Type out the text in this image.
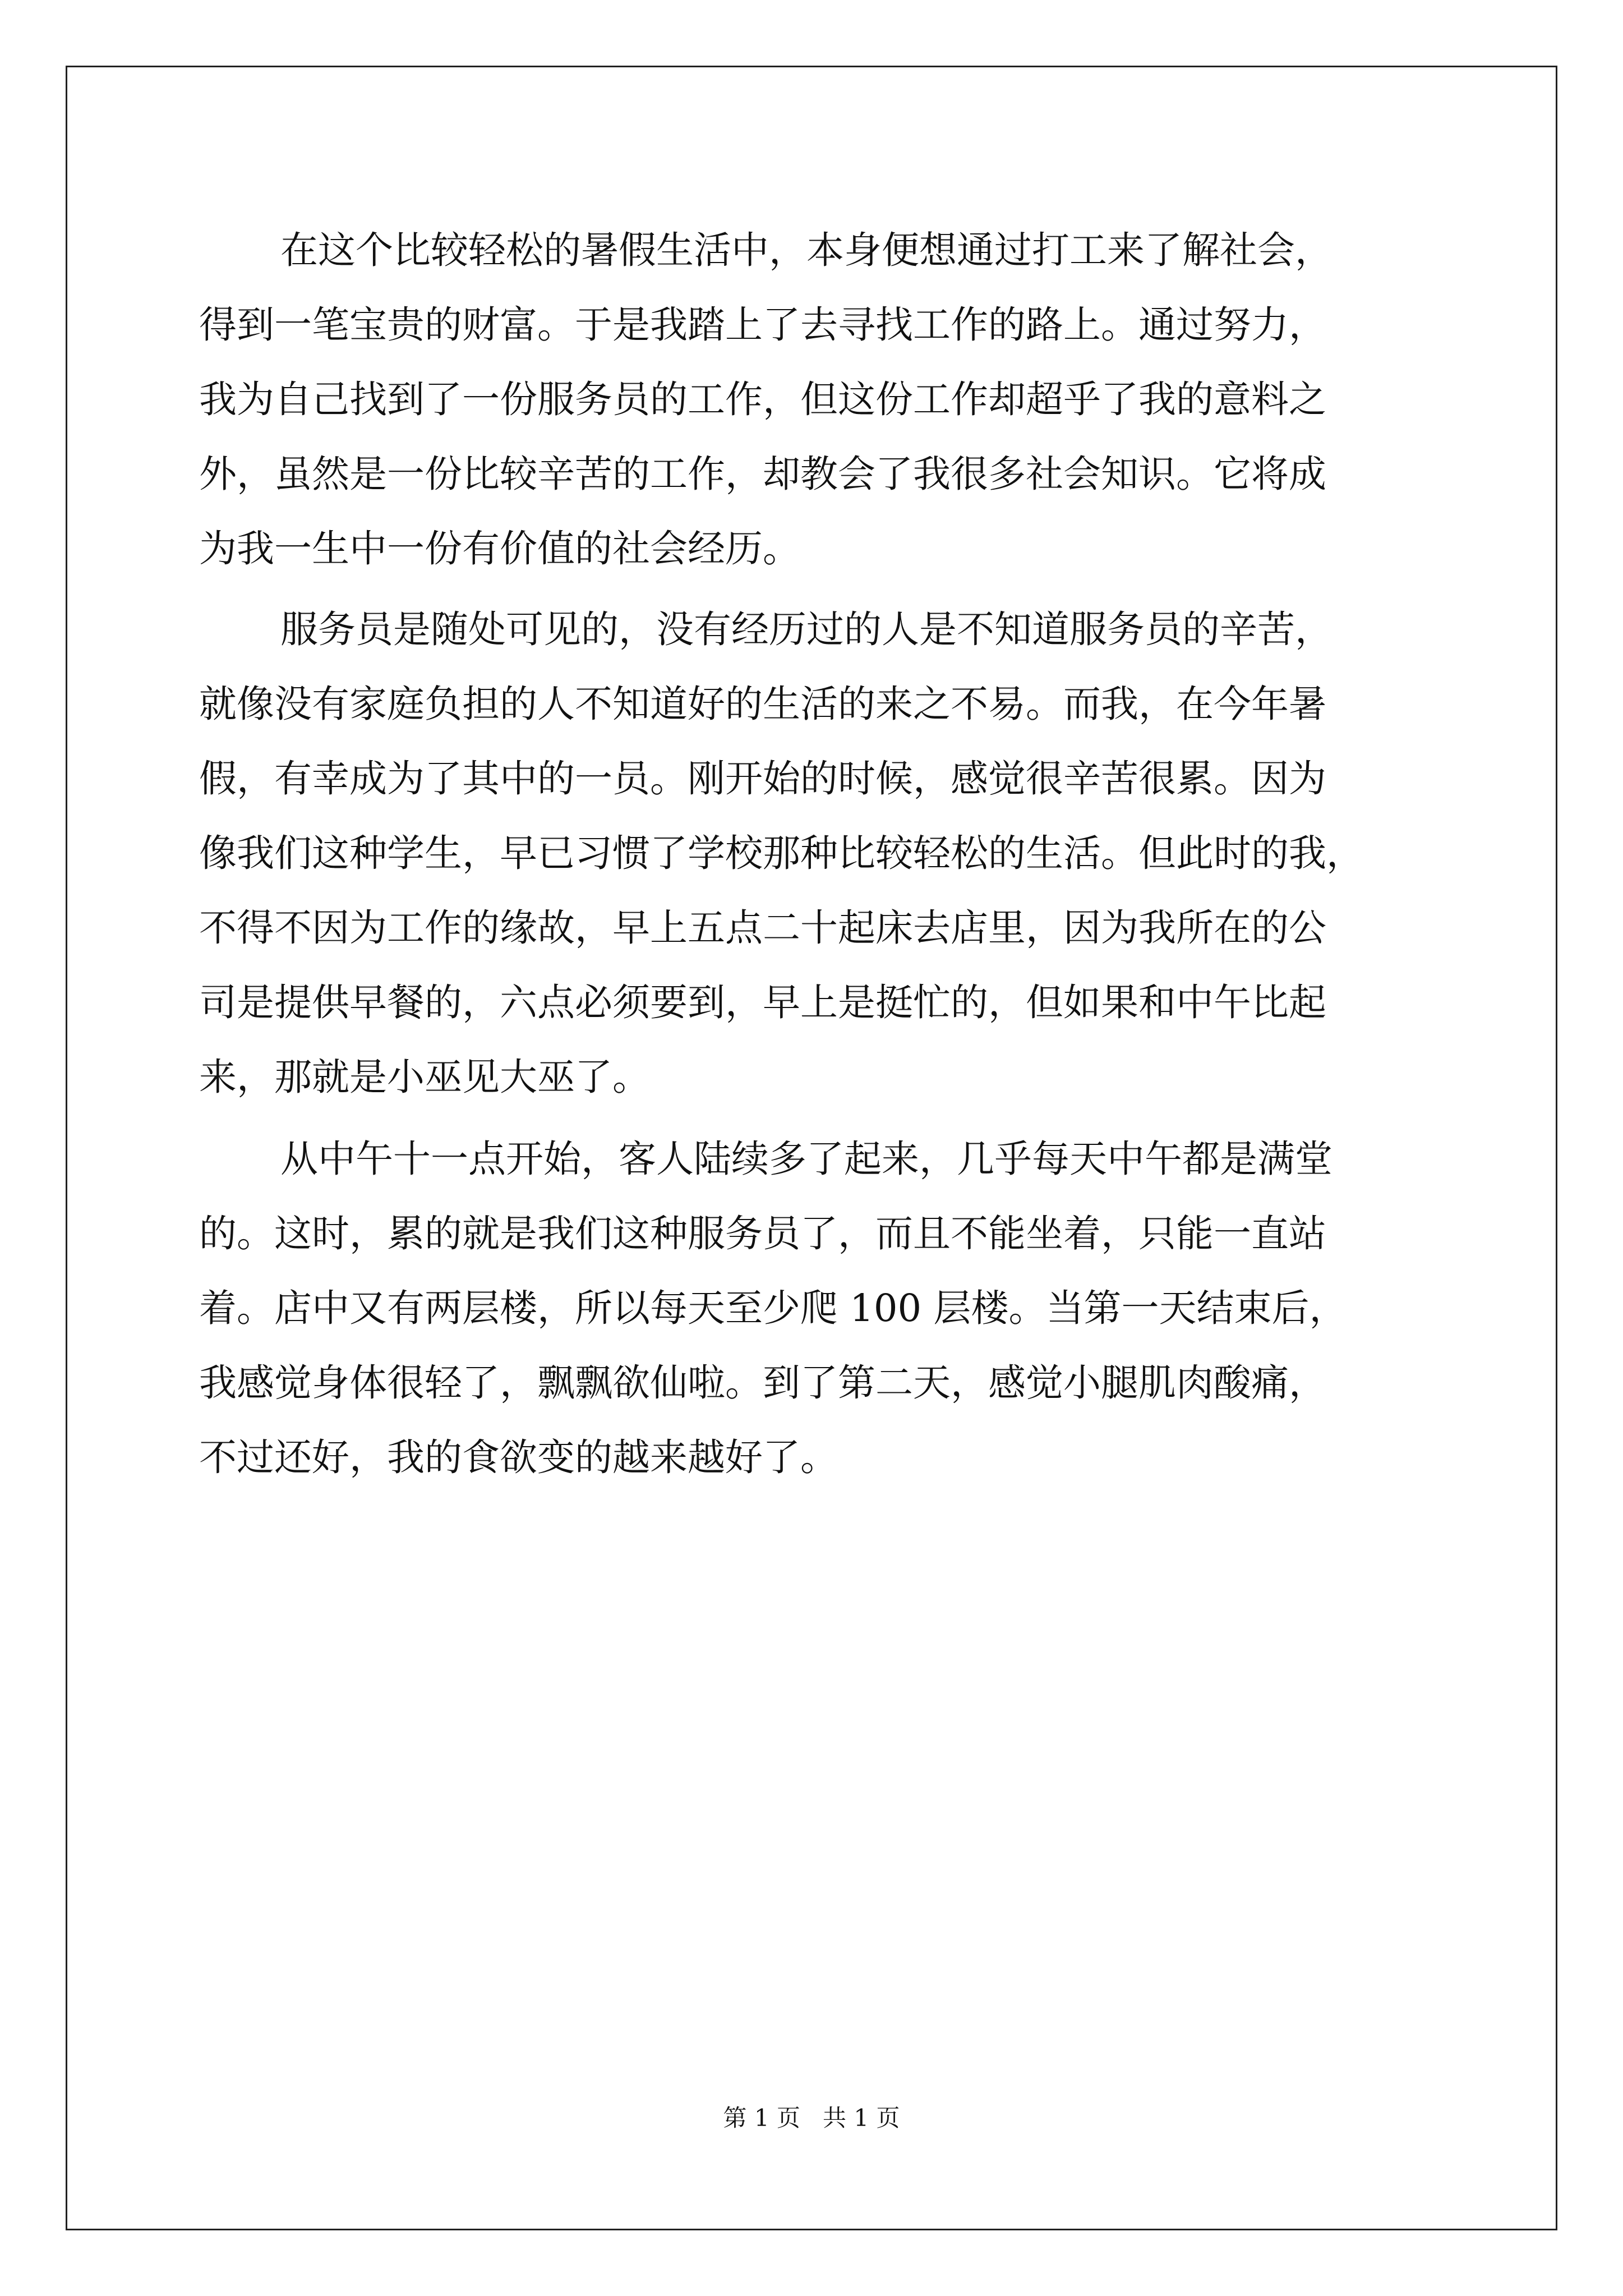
在这个比较轻松的暑假生活中，本身便想通过打工来了解社会，
得到一笔宝贵的财富。于是我踏上了去寻找工作的路上。通过努力，
我为自己找到了一份服务员的工作，但这份工作却超乎了我的意料之
外，虽然是一份比较辛苦的工作，却教会了我很多社会知识。它将成
为我一生中一份有价值的社会经历。
服务员是随处可见的，没有经历过的人是不知道服务员的辛苦，
就像没有家庭负担的人不知道好的生活的来之不易。而我，在今年暑
假，有幸成为了其中的一员。刚开始的时候，感觉很辛苦很累。因为
像我们这种学生，早已习惯了学校那种比较轻松的生活。但此时的我，
不得不因为工作的缘故，早上五点二十起床去店里，因为我所在的公
司是提供早餐的，六点必须要到，早上是挺忙的，但如果和中午比起
来，那就是小巫见大巫了。
从中午十一点开始，客人陆续多了起来，几乎每天中午都是满堂
的。这时，累的就是我们这种服务员了，而且不能坐着，只能一直站
着。店中又有两层楼，所以每天至少爬 100 层楼。当第一天结束后，
我感觉身体很轻了，飘飘欲仙啦。到了第二天，感觉小腿肌肉酸痛，
不过还好，我的食欲变的越来越好了。
第 1 页   共 1 页
